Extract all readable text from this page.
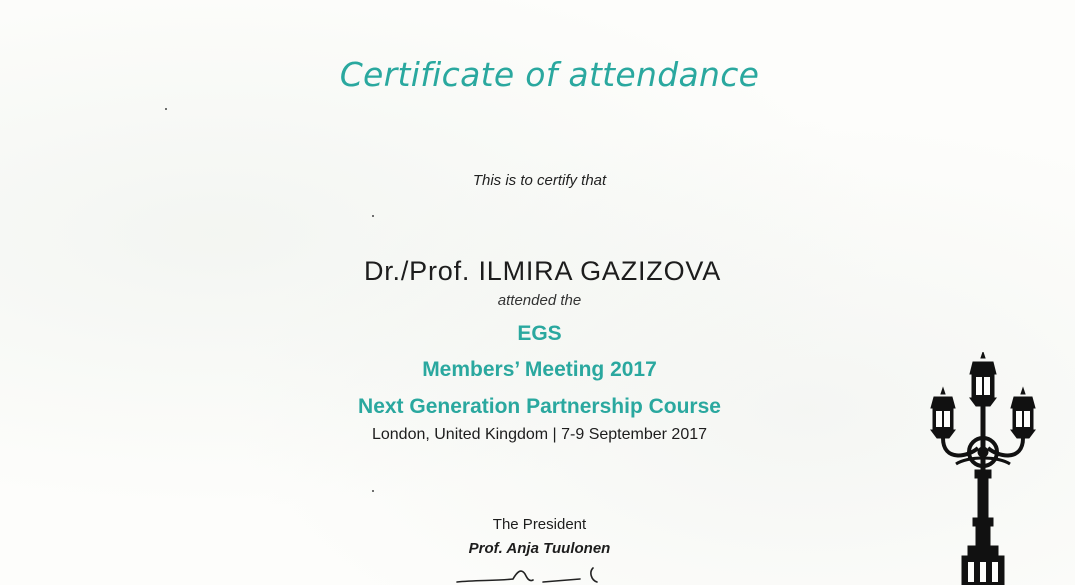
Certificate of attendance
This is to certify that
Dr./Prof. ILMIRA GAZIZOVA
attended the
EGS
Members’ Meeting 2017
Next Generation Partnership Course
London, United Kingdom | 7-9 September 2017
The President
Prof. Anja Tuulonen
